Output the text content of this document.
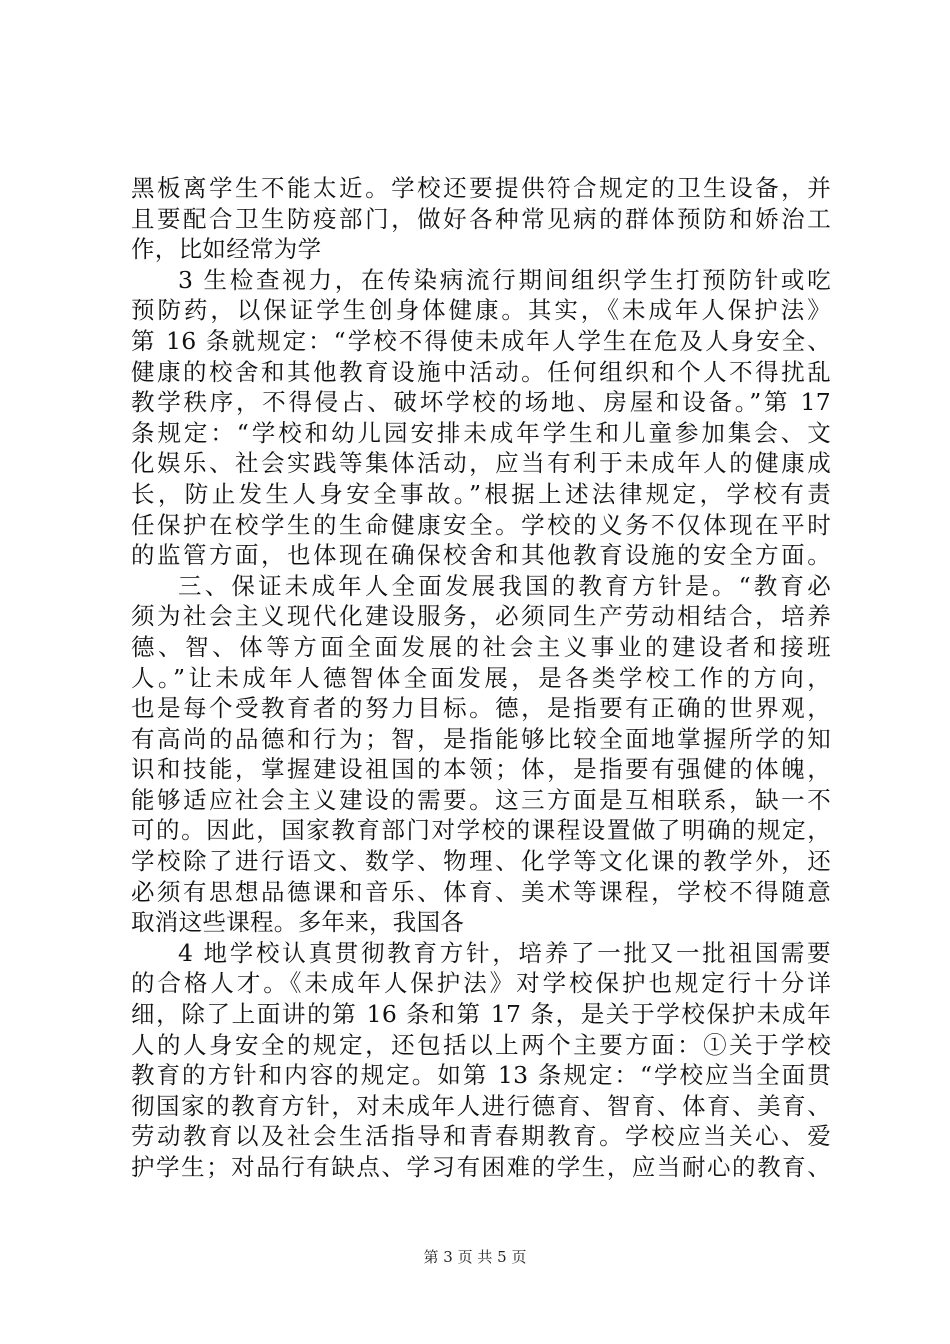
黑板离学生不能太近。学校还要提供符合规定的卫生设备，并
且要配合卫生防疫部门，做好各种常见病的群体预防和娇治工
作，比如经常为学
3 生检查视力，在传染病流行期间组织学生打预防针或吃
预防药，以保证学生创身体健康。其实，《未成年人保护法》
第 16 条就规定：“学校不得使未成年人学生在危及人身安全、
健康的校舍和其他教育设施中活动。任何组织和个人不得扰乱
教学秩序，不得侵占、破坏学校的场地、房屋和设备。”第 17
条规定：“学校和幼儿园安排未成年学生和儿童参加集会、文
化娱乐、社会实践等集体活动，应当有利于未成年人的健康成
长，防止发生人身安全事故。”根据上述法律规定，学校有责
任保护在校学生的生命健康安全。学校的义务不仅体现在平时
的监管方面，也体现在确保校舍和其他教育设施的安全方面。
三、保证未成年人全面发展我国的教育方针是。“教育必
须为社会主义现代化建设服务，必须同生产劳动相结合，培养
德、智、体等方面全面发展的社会主义事业的建设者和接班
人。”让未成年人德智体全面发展，是各类学校工作的方向，
也是每个受教育者的努力目标。德，是指要有正确的世界观，
有高尚的品德和行为；智，是指能够比较全面地掌握所学的知
识和技能，掌握建设祖国的本领；体，是指要有强健的体魄，
能够适应社会主义建设的需要。这三方面是互相联系，缺一不
可的。因此，国家教育部门对学校的课程设置做了明确的规定，
学校除了进行语文、数学、物理、化学等文化课的教学外，还
必须有思想品德课和音乐、体育、美术等课程，学校不得随意
取消这些课程。多年来，我国各
4 地学校认真贯彻教育方针，培养了一批又一批祖国需要
的合格人才。《未成年人保护法》对学校保护也规定行十分详
细，除了上面讲的第 16 条和第 17 条，是关于学校保护未成年
人的人身安全的规定，还包括以上两个主要方面：①关于学校
教育的方针和内容的规定。如第 13 条规定：“学校应当全面贯
彻国家的教育方针，对未成年人进行德育、智育、体育、美育、
劳动教育以及社会生活指导和青春期教育。学校应当关心、爱
护学生；对品行有缺点、学习有困难的学生，应当耐心的教育、
第 3 页 共 5 页
